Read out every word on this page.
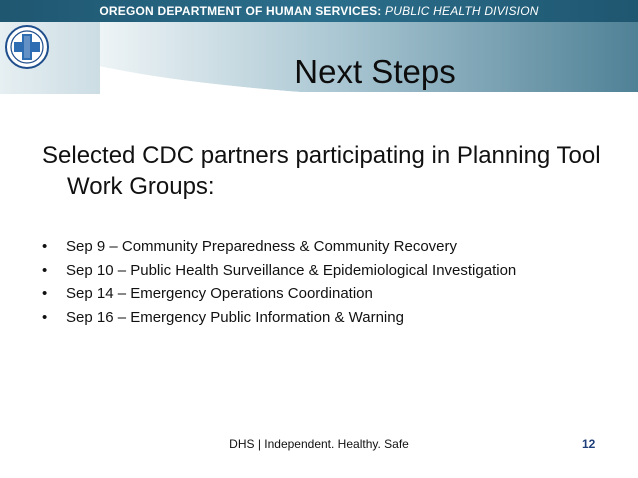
OREGON DEPARTMENT OF HUMAN SERVICES: PUBLIC HEALTH DIVISION
Next Steps
Selected CDC partners participating in Planning Tool Work Groups:
• Sep 9 – Community Preparedness & Community Recovery
• Sep 10 – Public Health Surveillance & Epidemiological Investigation
• Sep 14 – Emergency Operations Coordination
• Sep 16 – Emergency Public Information & Warning
DHS | Independent. Healthy. Safe	12
